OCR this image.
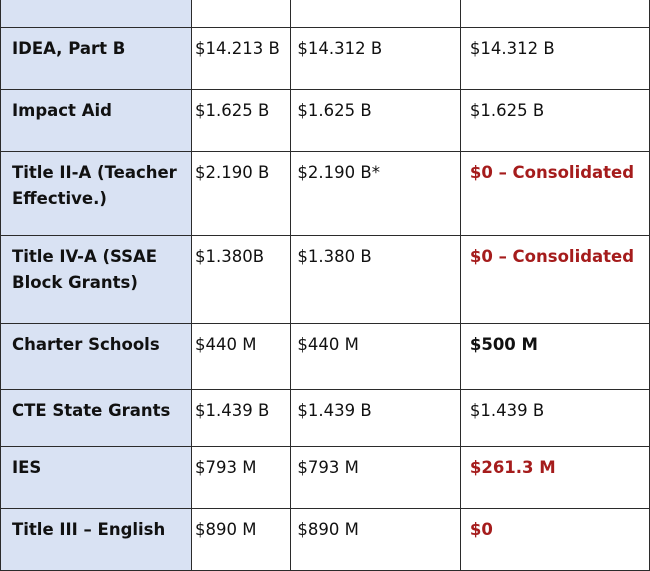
IDEA, Part B	$14.213 B	$14.312 B	$14.312 B
Impact Aid	$1.625 B	$1.625 B	$1.625 B
Title II-A (Teacher Effective.)	$2.190 B	$2.190 B*	$0 – Consolidated
Title IV-A (SSAE Block Grants)	$1.380B	$1.380 B	$0 – Consolidated
Charter Schools	$440 M	$440 M	$500 M
CTE State Grants	$1.439 B	$1.439 B	$1.439 B
IES	$793 M	$793 M	$261.3 M
Title III – English	$890 M	$890 M	$0
